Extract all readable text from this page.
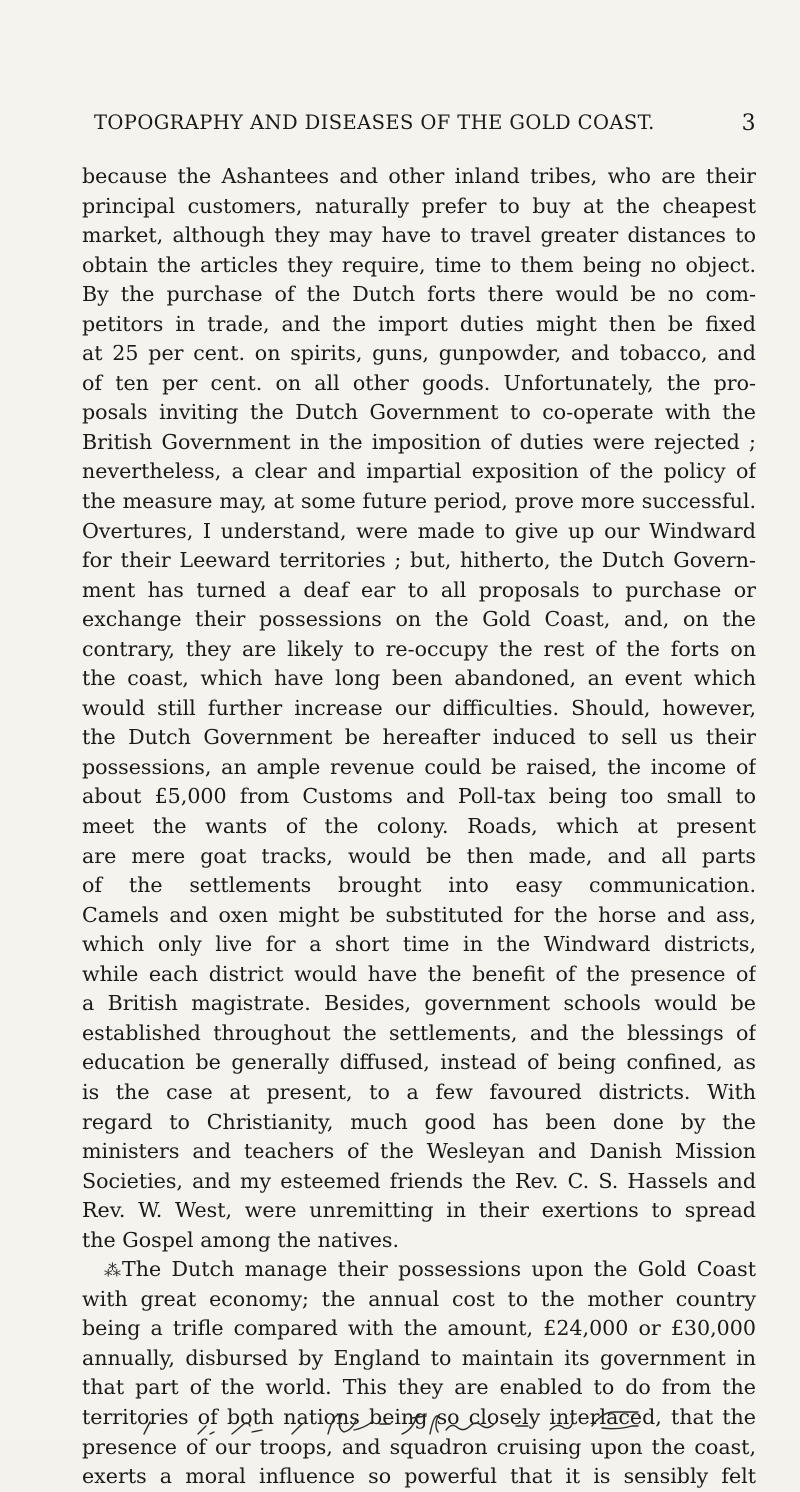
TOPOGRAPHY AND DISEASES OF THE GOLD COAST.	3
because the Ashantees and other inland tribes, who are their
principal customers, naturally prefer to buy at the cheapest
market, although they may have to travel greater distances to
obtain the articles they require, time to them being no object.
By the purchase of the Dutch forts there would be no com-
petitors in trade, and the import duties might then be fixed
at 25 per cent. on spirits, guns, gunpowder, and tobacco, and
of ten per cent. on all other goods. Unfortunately, the pro-
posals inviting the Dutch Government to co-operate with the
British Government in the imposition of duties were rejected ;
nevertheless, a clear and impartial exposition of the policy of
the measure may, at some future period, prove more successful.
Overtures, I understand, were made to give up our Windward
for their Leeward territories ; but, hitherto, the Dutch Govern-
ment has turned a deaf ear to all proposals to purchase or
exchange their possessions on the Gold Coast, and, on the
contrary, they are likely to re-occupy the rest of the forts on
the coast, which have long been abandoned, an event which
would still further increase our difficulties. Should, however,
the Dutch Government be hereafter induced to sell us their
possessions, an ample revenue could be raised, the income of
about £5,000 from Customs and Poll-tax being too small to
meet the wants of the colony. Roads, which at present
are mere goat tracks, would be then made, and all parts
of the settlements brought into easy communication.
Camels and oxen might be substituted for the horse and ass,
which only live for a short time in the Windward districts,
while each district would have the benefit of the presence of
a British magistrate. Besides, government schools would be
established throughout the settlements, and the blessings of
education be generally diffused, instead of being confined, as
is the case at present, to a few favoured districts. With
regard to Christianity, much good has been done by the
ministers and teachers of the Wesleyan and Danish Mission
Societies, and my esteemed friends the Rev. C. S. Hassels and
Rev. W. West, were unremitting in their exertions to spread
the Gospel among the natives.
⁂The Dutch manage their possessions upon the Gold Coast
with great economy; the annual cost to the mother country
being a trifle compared with the amount, £24,000 or £30,000
annually, disbursed by England to maintain its government in
that part of the world. This they are enabled to do from the
territories of both nations being so closely interlaced, that the
presence of our troops, and squadron cruising upon the coast,
exerts a moral influence so powerful that it is sensibly felt
